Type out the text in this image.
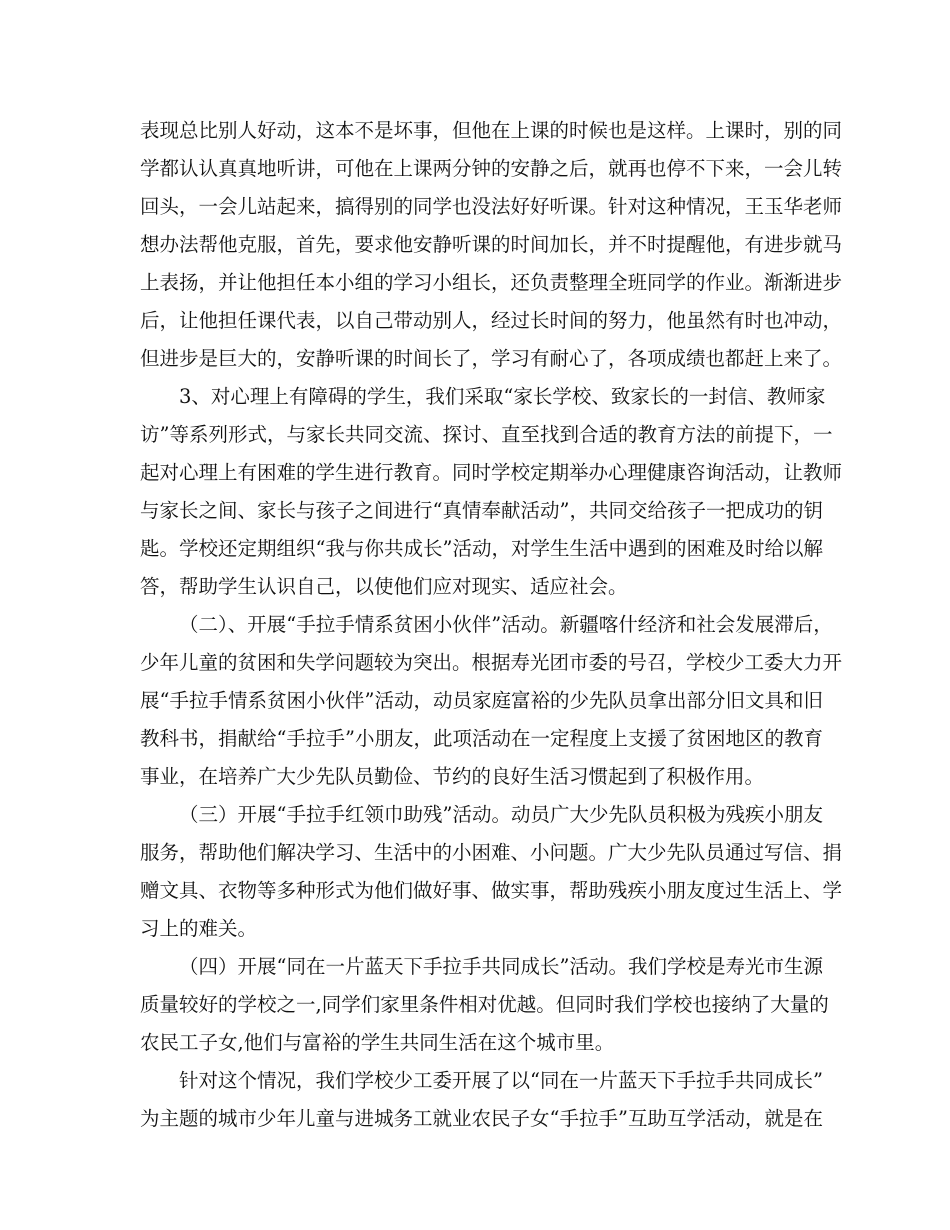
表现总比别人好动，这本不是坏事，但他在上课的时候也是这样。上课时，别的同
学都认认真真地听讲，可他在上课两分钟的安静之后，就再也停不下来，一会儿转
回头，一会儿站起来，搞得别的同学也没法好好听课。针对这种情况，王玉华老师
想办法帮他克服，首先，要求他安静听课的时间加长，并不时提醒他，有进步就马
上表扬，并让他担任本小组的学习小组长，还负责整理全班同学的作业。渐渐进步
后，让他担任课代表，以自己带动别人，经过长时间的努力，他虽然有时也冲动，
但进步是巨大的，安静听课的时间长了，学习有耐心了，各项成绩也都赶上来了。
3、对心理上有障碍的学生，我们采取“家长学校、致家长的一封信、教师家
访”等系列形式，与家长共同交流、探讨、直至找到合适的教育方法的前提下，一
起对心理上有困难的学生进行教育。同时学校定期举办心理健康咨询活动，让教师
与家长之间、家长与孩子之间进行“真情奉献活动”，共同交给孩子一把成功的钥
匙。学校还定期组织“我与你共成长”活动，对学生生活中遇到的困难及时给以解
答，帮助学生认识自己，以使他们应对现实、适应社会。
（二）、开展“手拉手情系贫困小伙伴”活动。新疆喀什经济和社会发展滞后，
少年儿童的贫困和失学问题较为突出。根据寿光团市委的号召，学校少工委大力开
展“手拉手情系贫困小伙伴”活动，动员家庭富裕的少先队员拿出部分旧文具和旧
教科书，捐献给“手拉手”小朋友，此项活动在一定程度上支援了贫困地区的教育
事业，在培养广大少先队员勤俭、节约的良好生活习惯起到了积极作用。
（三）开展“手拉手红领巾助残”活动。动员广大少先队员积极为残疾小朋友
服务，帮助他们解决学习、生活中的小困难、小问题。广大少先队员通过写信、捐
赠文具、衣物等多种形式为他们做好事、做实事，帮助残疾小朋友度过生活上、学
习上的难关。
（四）开展“同在一片蓝天下手拉手共同成长”活动。我们学校是寿光市生源
质量较好的学校之一,同学们家里条件相对优越。但同时我们学校也接纳了大量的
农民工子女,他们与富裕的学生共同生活在这个城市里。
针对这个情况，我们学校少工委开展了以“同在一片蓝天下手拉手共同成长”
为主题的城市少年儿童与进城务工就业农民子女“手拉手”互助互学活动，就是在
